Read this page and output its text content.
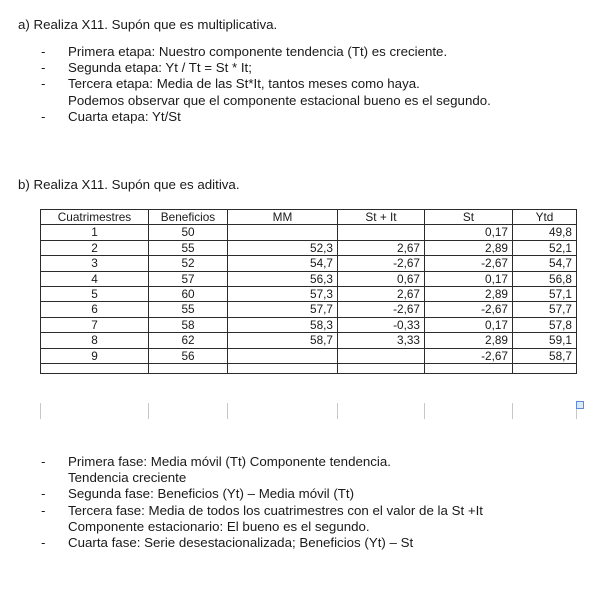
a) Realiza X11. Supón que es multiplicativa.
- Primera etapa: Nuestro componente tendencia (Tt) es creciente.
- Segunda etapa: Yt / Tt = St * It;
- Tercera etapa: Media de las St*It, tantos meses como haya.
Podemos observar que el componente estacional bueno es el segundo.
- Cuarta etapa: Yt/St
b) Realiza X11. Supón que es aditiva.
Cuatrimestres	Beneficios	MM	St + It	St	Ytd
1	50			0,17	49,8
2	55	52,3	2,67	2,89	52,1
3	52	54,7	-2,67	-2,67	54,7
4	57	56,3	0,67	0,17	56,8
5	60	57,3	2,67	2,89	57,1
6	55	57,7	-2,67	-2,67	57,7
7	58	58,3	-0,33	0,17	57,8
8	62	58,7	3,33	2,89	59,1
9	56			-2,67	58,7

- Primera fase: Media móvil (Tt) Componente tendencia.
Tendencia creciente
- Segunda fase: Beneficios (Yt) – Media móvil (Tt)
- Tercera fase: Media de todos los cuatrimestres con el valor de la St +It
Componente estacionario: El bueno es el segundo.
- Cuarta fase: Serie desestacionalizada; Beneficios (Yt) – St
